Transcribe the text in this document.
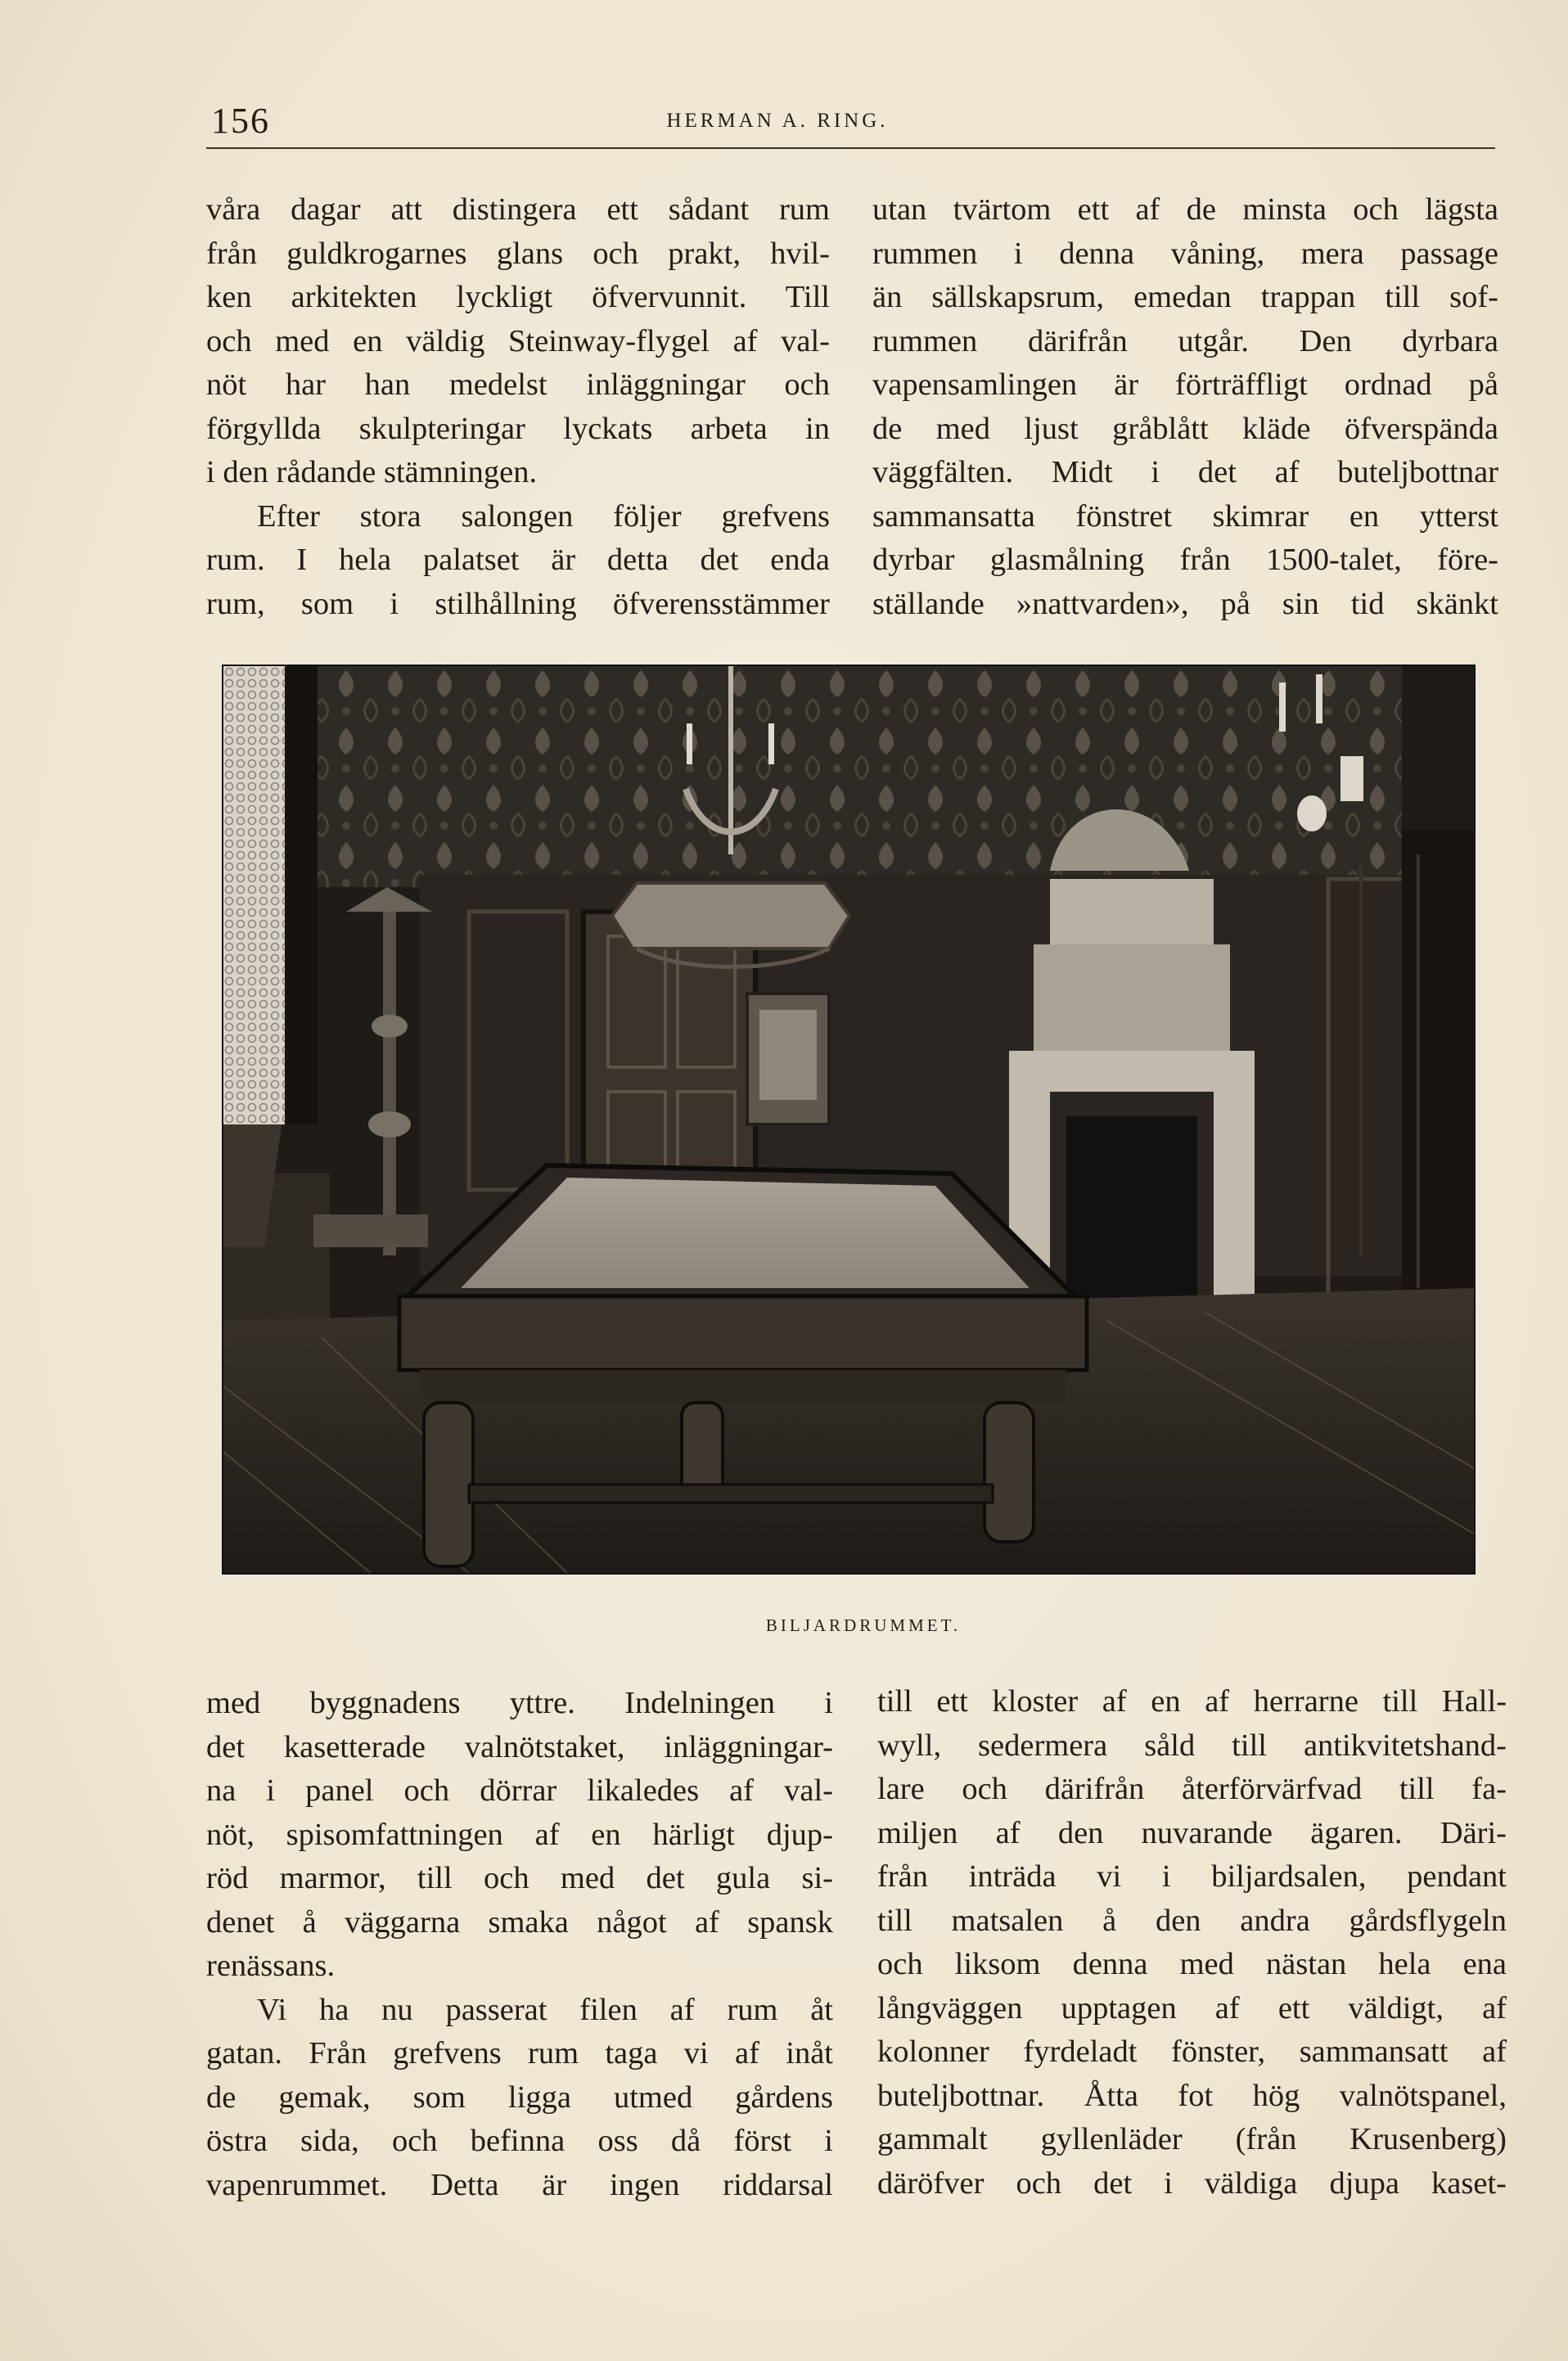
156	HERMAN A. RING.
våra dagar att distingera ett sådant rum
från guldkrogarnes glans och prakt, hvil-
ken arkitekten lyckligt öfvervunnit. Till
och med en väldig Steinway-flygel af val-
nöt har han medelst inläggningar och
förgyllda skulpteringar lyckats arbeta in
i den rådande stämningen.
Efter stora salongen följer grefvens
rum. I hela palatset är detta det enda
rum, som i stilhållning öfverensstämmer
utan tvärtom ett af de minsta och lägsta
rummen i denna våning, mera passage
än sällskapsrum, emedan trappan till sof-
rummen därifrån utgår. Den dyrbara
vapensamlingen är förträffligt ordnad på
de med ljust gråblått kläde öfverspända
väggfälten. Midt i det af buteljbottnar
sammansatta fönstret skimrar en ytterst
dyrbar glasmålning från 1500-talet, före-
ställande »nattvarden», på sin tid skänkt
BILJARDRUMMET.
med byggnadens yttre. Indelningen i
det kasetterade valnötstaket, inläggningar-
na i panel och dörrar likaledes af val-
nöt, spisomfattningen af en härligt djup-
röd marmor, till och med det gula si-
denet å väggarna smaka något af spansk
renässans.
Vi ha nu passerat filen af rum åt
gatan. Från grefvens rum taga vi af inåt
de gemak, som ligga utmed gårdens
östra sida, och befinna oss då först i
vapenrummet. Detta är ingen riddarsal
till ett kloster af en af herrarne till Hall-
wyll, sedermera såld till antikvitetshand-
lare och därifrån återförvärfvad till fa-
miljen af den nuvarande ägaren. Däri-
från inträda vi i biljardsalen, pendant
till matsalen å den andra gårdsflygeln
och liksom denna med nästan hela ena
långväggen upptagen af ett väldigt, af
kolonner fyrdeladt fönster, sammansatt af
buteljbottnar. Åtta fot hög valnötspanel,
gammalt gyllenläder (från Krusenberg)
däröfver och det i väldiga djupa kaset-
